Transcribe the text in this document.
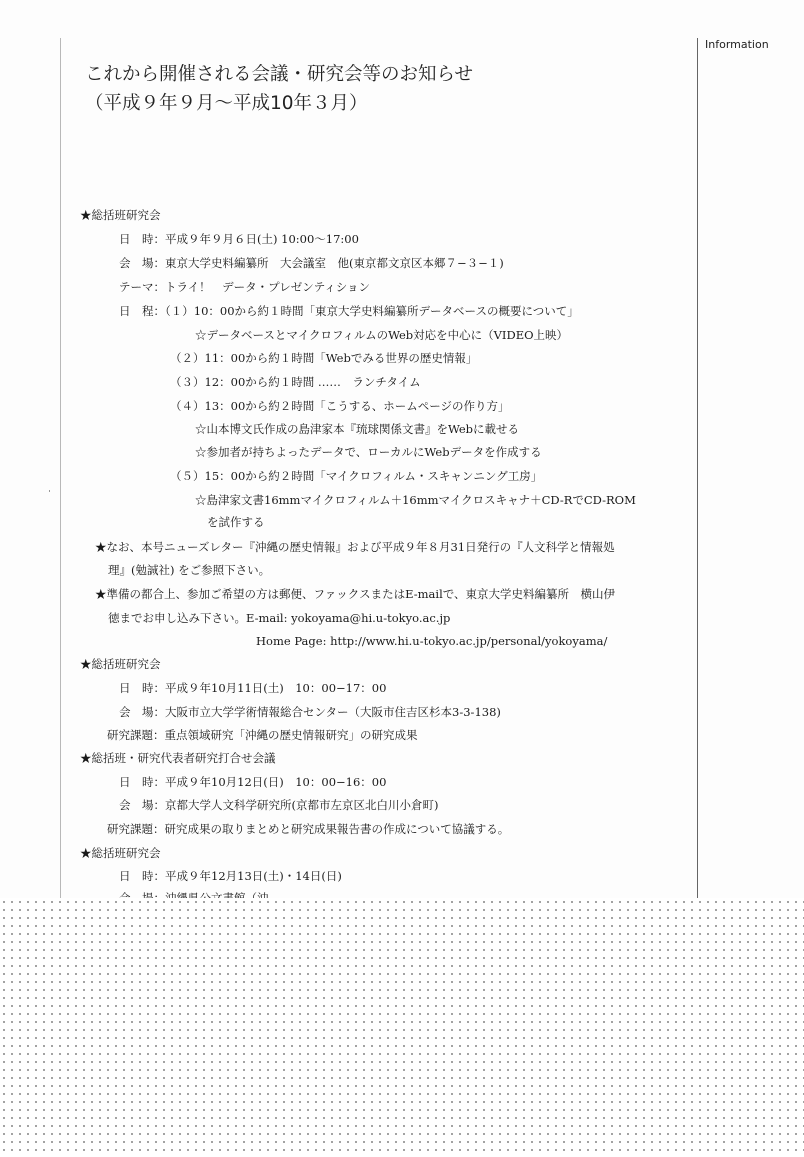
Information
これから開催される会議・研究会等のお知らせ
（平成９年９月〜平成10年３月）
★総括班研究会
日　時：平成９年９月６日(土) 10:00〜17:00
会　場：東京大学史料編纂所　大会議室　他(東京都文京区本郷７−３−１)
テーマ：トライ！　データ・プレゼンティション
日　程：（１）10：00から約１時間「東京大学史料編纂所データベースの概要について」
☆データベースとマイクロフィルムのWeb対応を中心に（VIDEO上映）
（２）11：00から約１時間「Webでみる世界の歴史情報」
（３）12：00から約１時間 ……　ランチタイム
（４）13：00から約２時間「こうする、ホームページの作り方」
☆山本博文氏作成の島津家本『琉球関係文書』をWebに載せる
☆参加者が持ちよったデータで、ローカルにWebデータを作成する
（５）15：00から約２時間「マイクロフィルム・スキャンニング工房」
☆島津家文書16mmマイクロフィルム＋16mmマイクロスキャナ＋CD-RでCD-ROM
を試作する
★なお、本号ニューズレター『沖縄の歴史情報』および平成９年８月31日発行の『人文科学と情報処
理』(勉誠社) をご参照下さい。
★準備の都合上、参加ご希望の方は郵便、ファックスまたはE-mailで、東京大学史料編纂所　横山伊
徳までお申し込み下さい。E-mail: yokoyama@hi.u-tokyo.ac.jp
Home Page: http://www.hi.u-tokyo.ac.jp/personal/yokoyama/
★総括班研究会
日　時：平成９年10月11日(土)　10：00−17：00
会　場：大阪市立大学学術情報総合センター（大阪市住吉区杉本3-3-138)
研究課題：重点領域研究「沖縄の歴史情報研究」の研究成果
★総括班・研究代表者研究打合せ会議
日　時：平成９年10月12日(日)　10：00−16：00
会　場：京都大学人文科学研究所(京都市左京区北白川小倉町)
研究課題：研究成果の取りまとめと研究成果報告書の作成について協議する。
★総括班研究会
日　時：平成９年12月13日(土)・14日(日)
